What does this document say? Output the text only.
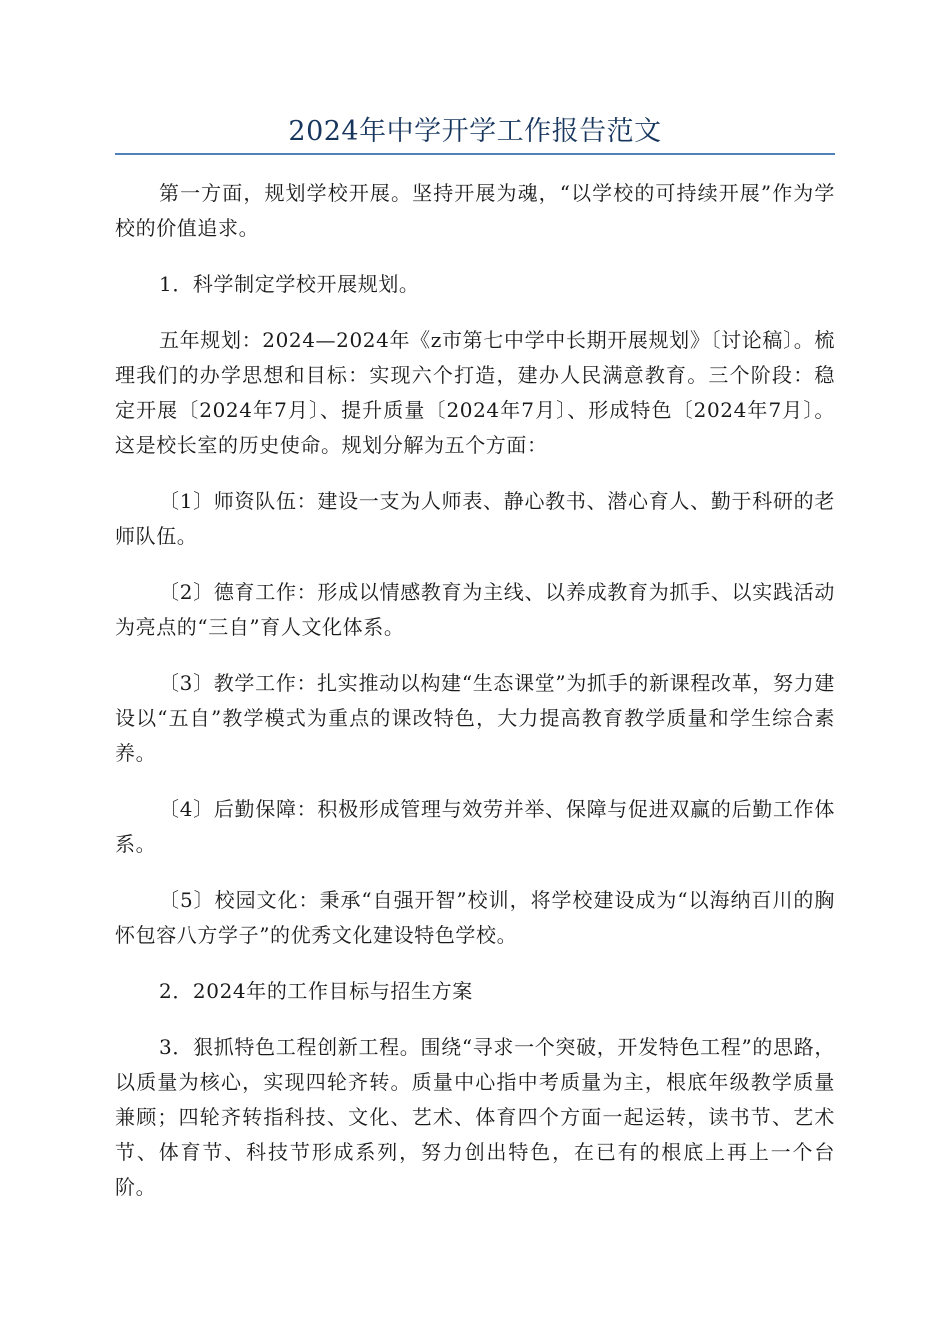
2024年中学开学工作报告范文

第一方面，规划学校开展。坚持开展为魂，“以学校的可持续开展”作为学校的价值追求。

1．科学制定学校开展规划。

五年规划：2024—2024年《z市第七中学中长期开展规划》〔讨论稿〕。梳理我们的办学思想和目标：实现六个打造，建办人民满意教育。三个阶段：稳定开展〔2024年7月〕、提升质量〔2024年7月〕、形成特色〔2024年7月〕。这是校长室的历史使命。规划分解为五个方面：

〔1〕师资队伍：建设一支为人师表、静心教书、潜心育人、勤于科研的老师队伍。

〔2〕德育工作：形成以情感教育为主线、以养成教育为抓手、以实践活动为亮点的“三自”育人文化体系。

〔3〕教学工作：扎实推动以构建“生态课堂”为抓手的新课程改革，努力建设以“五自”教学模式为重点的课改特色，大力提高教育教学质量和学生综合素养。

〔4〕后勤保障：积极形成管理与效劳并举、保障与促进双赢的后勤工作体系。

〔5〕校园文化：秉承“自强开智”校训，将学校建设成为“以海纳百川的胸怀包容八方学子”的优秀文化建设特色学校。

2．2024年的工作目标与招生方案

3．狠抓特色工程创新工程。围绕“寻求一个突破，开发特色工程”的思路，以质量为核心，实现四轮齐转。质量中心指中考质量为主，根底年级教学质量兼顾；四轮齐转指科技、文化、艺术、体育四个方面一起运转，读书节、艺术节、体育节、科技节形成系列，努力创出特色，在已有的根底上再上一个台阶。
